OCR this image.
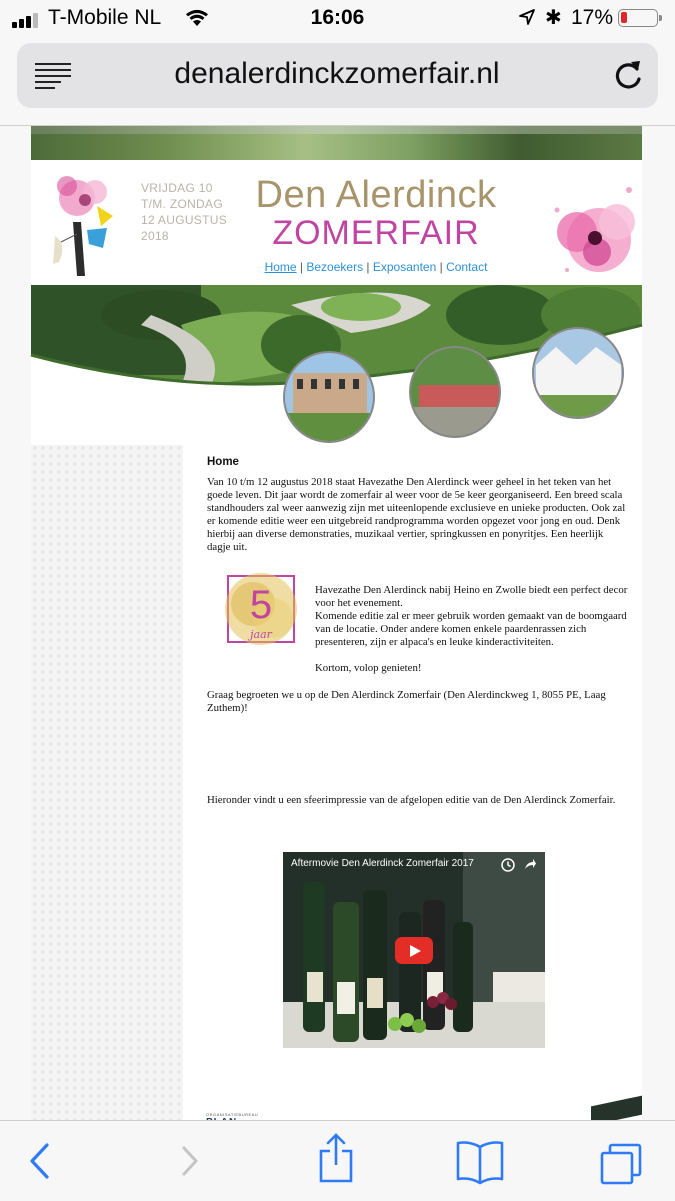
T-Mobile NL	16:06	✱ 17%
denalerdinckzomerfair.nl
VRIJDAG 10
T/M. ZONDAG
12 AUGUSTUS
2018
Den Alerdinck
ZOMERFAIR
Home | Bezoekers | Exposanten | Contact
Home

Van 10 t/m 12 augustus 2018 staat Havezathe Den Alerdinck weer geheel in het teken van het goede leven. Dit jaar wordt de zomerfair al weer voor de 5e keer georganiseerd. Een breed scala standhouders zal weer aanwezig zijn met uiteenlopende exclusieve en unieke producten. Ook zal er komende editie weer een uitgebreid randprogramma worden opgezet voor jong en oud. Denk hierbij aan diverse demonstraties, muzikaal vertier, springkussen en ponyritjes. Een heerlijk dagje uit.

5
jaar

Havezathe Den Alerdinck nabij Heino en Zwolle biedt een perfect decor voor het evenement.

Komende editie zal er meer gebruik worden gemaakt van de boomgaard van de locatie. Onder andere komen enkele paardenrassen zich presenteren, zijn er alpaca's en leuke kinderactiviteiten.

Kortom, volop genieten!

Graag begroeten we u op de Den Alerdinck Zomerfair (Den Alerdinckweg 1, 8055 PE, Laag Zuthem)!
Hieronder vindt u een sfeerimpressie van de afgelopen editie van de Den Alerdinck Zomerfair.
Aftermovie Den Alerdinck Zomerfair 2017
ORGANISATIEBUREAU
